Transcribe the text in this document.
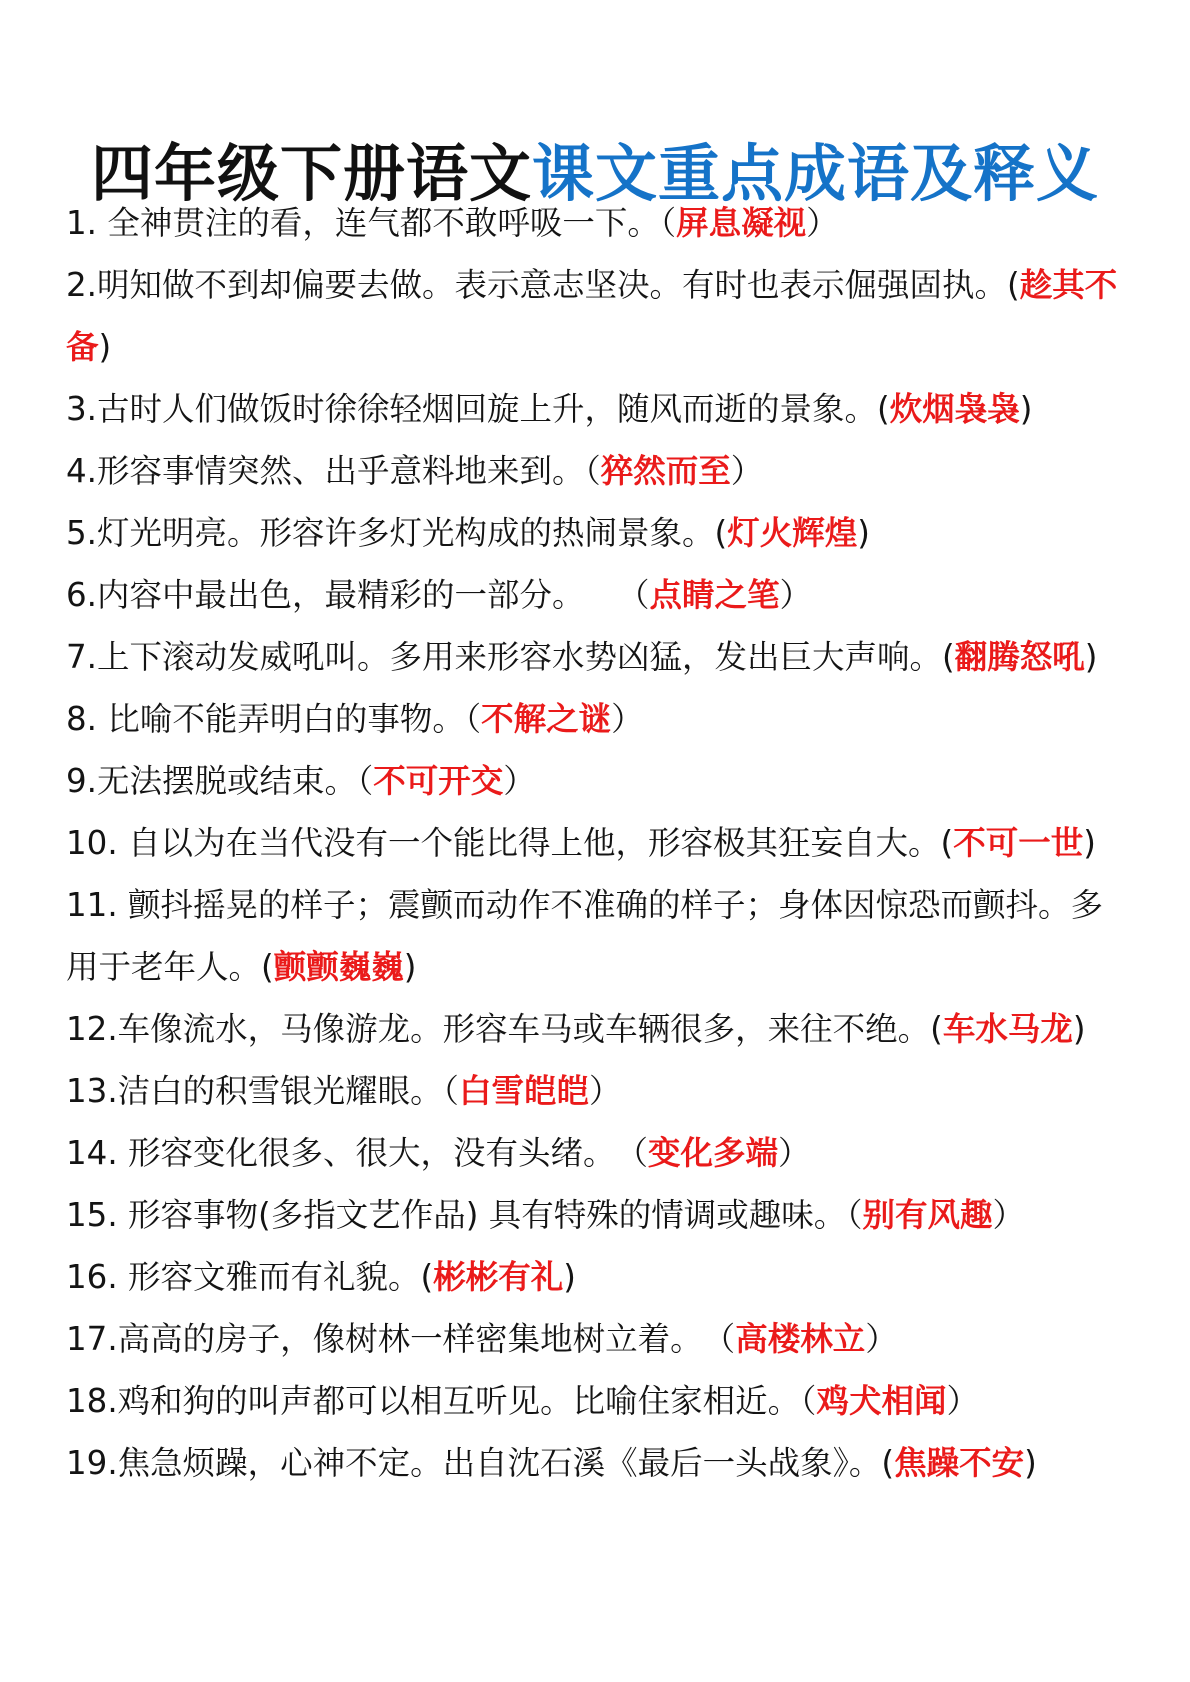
四年级下册语文课文重点成语及释义
1. 全神贯注的看，连气都不敢呼吸一下。（屏息凝视）
2.明知做不到却偏要去做。表示意志坚决。有时也表示倔强固执。(趁其不备)
3.古时人们做饭时徐徐轻烟回旋上升，随风而逝的景象。(炊烟袅袅)
4.形容事情突然、出乎意料地来到。（猝然而至）
5.灯光明亮。形容许多灯光构成的热闹景象。(灯火辉煌)
6.内容中最出色，最精彩的一部分。　　（点睛之笔）
7.上下滚动发威吼叫。多用来形容水势凶猛，发出巨大声响。(翻腾怒吼)
8. 比喻不能弄明白的事物。（不解之谜）
9.无法摆脱或结束。（不可开交）
10. 自以为在当代没有一个能比得上他，形容极其狂妄自大。(不可一世)
11. 颤抖摇晃的样子；震颤而动作不准确的样子；身体因惊恐而颤抖。多用于老年人。(颤颤巍巍)
12.车像流水，马像游龙。形容车马或车辆很多，来往不绝。(车水马龙)
13.洁白的积雪银光耀眼。（白雪皑皑）
14. 形容变化很多、很大，没有头绪。　（变化多端）
15. 形容事物(多指文艺作品) 具有特殊的情调或趣味。（别有风趣）
16. 形容文雅而有礼貌。(彬彬有礼)
17.高高的房子，像树林一样密集地树立着。　（高楼林立）
18.鸡和狗的叫声都可以相互听见。比喻住家相近。（鸡犬相闻）
19.焦急烦躁，心神不定。出自沈石溪《最后一头战象》。(焦躁不安)
